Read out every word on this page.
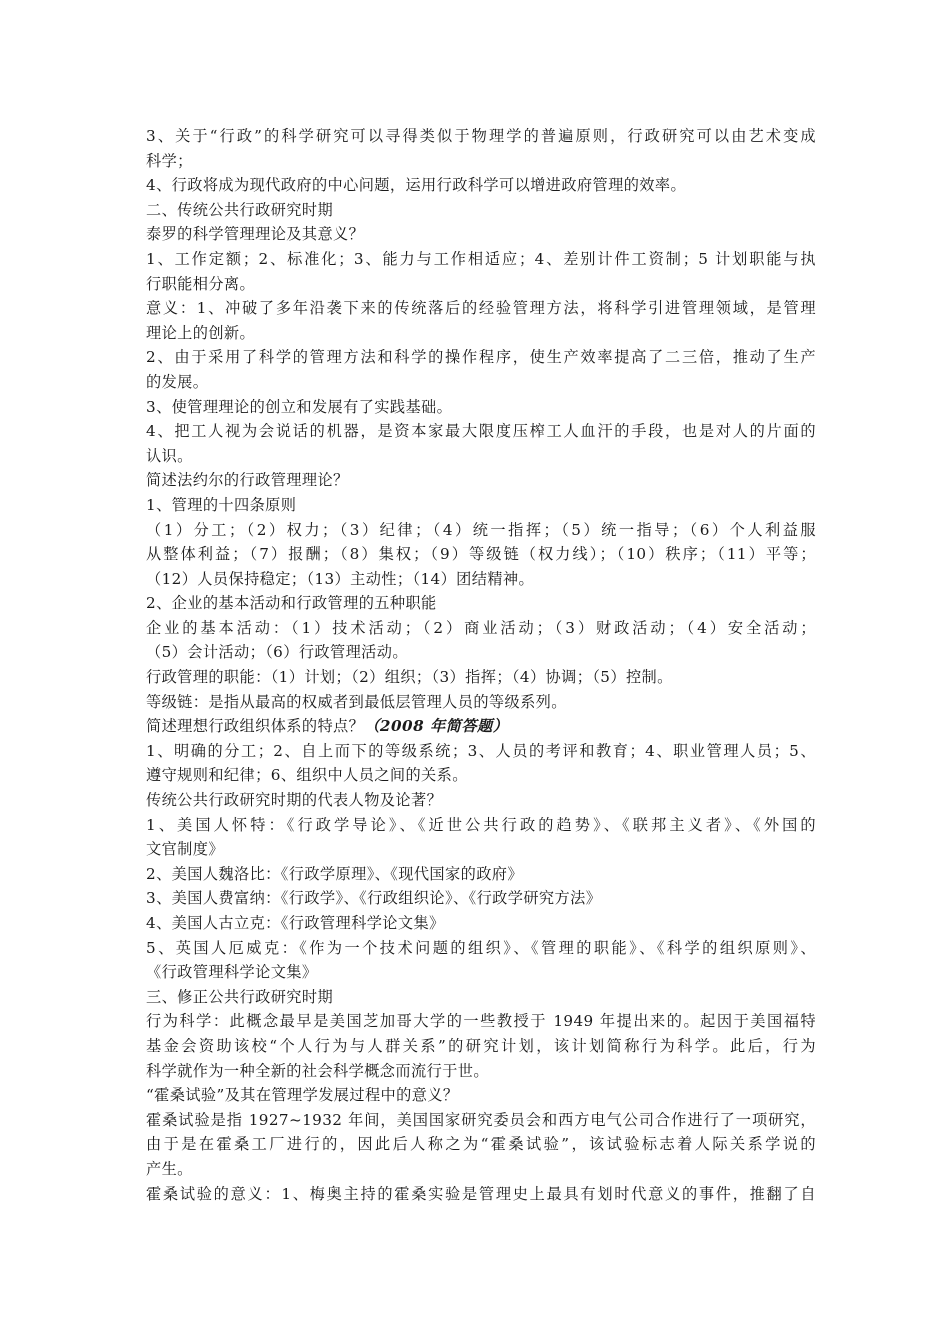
3、关于“行政”的科学研究可以寻得类似于物理学的普遍原则，行政研究可以由艺术变成
科学；
4、行政将成为现代政府的中心问题，运用行政科学可以增进政府管理的效率。
二、传统公共行政研究时期
泰罗的科学管理理论及其意义？
1、工作定额；2、标准化；3、能力与工作相适应；4、差别计件工资制；5 计划职能与执
行职能相分离。
意义：1、冲破了多年沿袭下来的传统落后的经验管理方法，将科学引进管理领域，是管理
理论上的创新。
2、由于采用了科学的管理方法和科学的操作程序，使生产效率提高了二三倍，推动了生产
的发展。
3、使管理理论的创立和发展有了实践基础。
4、把工人视为会说话的机器，是资本家最大限度压榨工人血汗的手段，也是对人的片面的
认识。
简述法约尔的行政管理理论？
1、管理的十四条原则
（1）分工；（2）权力；（3）纪律；（4）统一指挥；（5）统一指导；（6）个人利益服
从整体利益；（7）报酬；（8）集权；（9）等级链（权力线）；（10）秩序；（11）平等；
（12）人员保持稳定；（13）主动性；（14）团结精神。
2、企业的基本活动和行政管理的五种职能
企业的基本活动：（1）技术活动；（2）商业活动；（3）财政活动；（4）安全活动；
（5）会计活动；（6）行政管理活动。
行政管理的职能：（1）计划；（2）组织；（3）指挥；（4）协调；（5）控制。
等级链：是指从最高的权威者到最低层管理人员的等级系列。
简述理想行政组织体系的特点？（2008 年简答题）
1、明确的分工；2、自上而下的等级系统；3、人员的考评和教育；4、职业管理人员；5、
遵守规则和纪律；6、组织中人员之间的关系。
传统公共行政研究时期的代表人物及论著？
1、美国人怀特：《行政学导论》、《近世公共行政的趋势》、《联邦主义者》、《外国的
文官制度》
2、美国人魏洛比：《行政学原理》、《现代国家的政府》
3、美国人费富纳：《行政学》、《行政组织论》、《行政学研究方法》
4、美国人古立克：《行政管理科学论文集》
5、英国人厄威克：《作为一个技术问题的组织》、《管理的职能》、《科学的组织原则》、
《行政管理科学论文集》
三、修正公共行政研究时期
行为科学：此概念最早是美国芝加哥大学的一些教授于 1949 年提出来的。起因于美国福特
基金会资助该校“个人行为与人群关系”的研究计划，该计划简称行为科学。此后，行为
科学就作为一种全新的社会科学概念而流行于世。
“霍桑试验”及其在管理学发展过程中的意义？
霍桑试验是指 1927~1932 年间，美国国家研究委员会和西方电气公司合作进行了一项研究，
由于是在霍桑工厂进行的，因此后人称之为“霍桑试验”，该试验标志着人际关系学说的
产生。
霍桑试验的意义：1、梅奥主持的霍桑实验是管理史上最具有划时代意义的事件，推翻了自
